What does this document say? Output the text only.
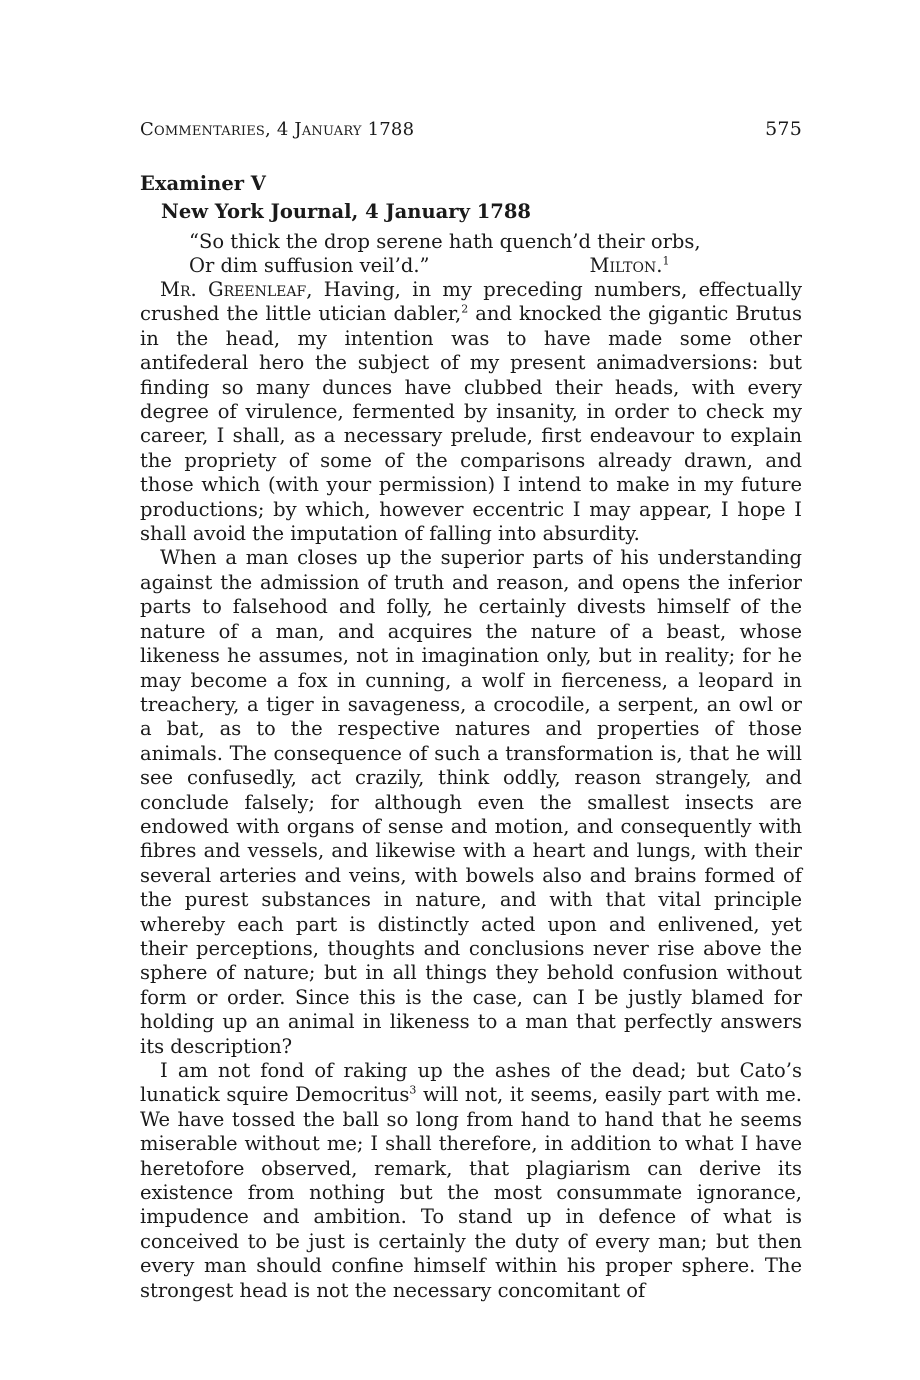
Commentaries, 4 January 1788	575
Examiner V
New York Journal, 4 January 1788
“So thick the drop serene hath quench’d their orbs,
Or dim suffusion veil’d.”	Milton.$^1$

Mr. Greenleaf, Having, in my preceding numbers, effectually crushed the little utician dabler,$^2$ and knocked the gigantic Brutus in the head, my intention was to have made some other antifederal hero the subject of my present animadversions: but finding so many dunces have clubbed their heads, with every degree of virulence, fermented by insanity, in order to check my career, I shall, as a necessary prelude, first endeavour to explain the propriety of some of the comparisons already drawn, and those which (with your permission) I intend to make in my future productions; by which, however eccentric I may appear, I hope I shall avoid the imputation of falling into absurdity.

When a man closes up the superior parts of his understanding against the admission of truth and reason, and opens the inferior parts to falsehood and folly, he certainly divests himself of the nature of a man, and acquires the nature of a beast, whose likeness he assumes, not in imagination only, but in reality; for he may become a fox in cunning, a wolf in fierceness, a leopard in treachery, a tiger in savageness, a crocodile, a serpent, an owl or a bat, as to the respective natures and properties of those animals. The consequence of such a transformation is, that he will see confusedly, act crazily, think oddly, reason strangely, and conclude falsely; for although even the smallest insects are endowed with organs of sense and motion, and consequently with fibres and vessels, and likewise with a heart and lungs, with their several arteries and veins, with bowels also and brains formed of the purest substances in nature, and with that vital principle whereby each part is distinctly acted upon and enlivened, yet their perceptions, thoughts and conclusions never rise above the sphere of nature; but in all things they behold confusion without form or order. Since this is the case, can I be justly blamed for holding up an animal in likeness to a man that perfectly answers its description?

I am not fond of raking up the ashes of the dead; but Cato’s lunatick squire Democritus$^3$ will not, it seems, easily part with me. We have tossed the ball so long from hand to hand that he seems miserable without me; I shall therefore, in addition to what I have heretofore observed, remark, that plagiarism can derive its existence from nothing but the most consummate ignorance, impudence and ambition. To stand up in defence of what is conceived to be just is certainly the duty of every man; but then every man should confine himself within his proper sphere. The strongest head is not the necessary concomitant of
